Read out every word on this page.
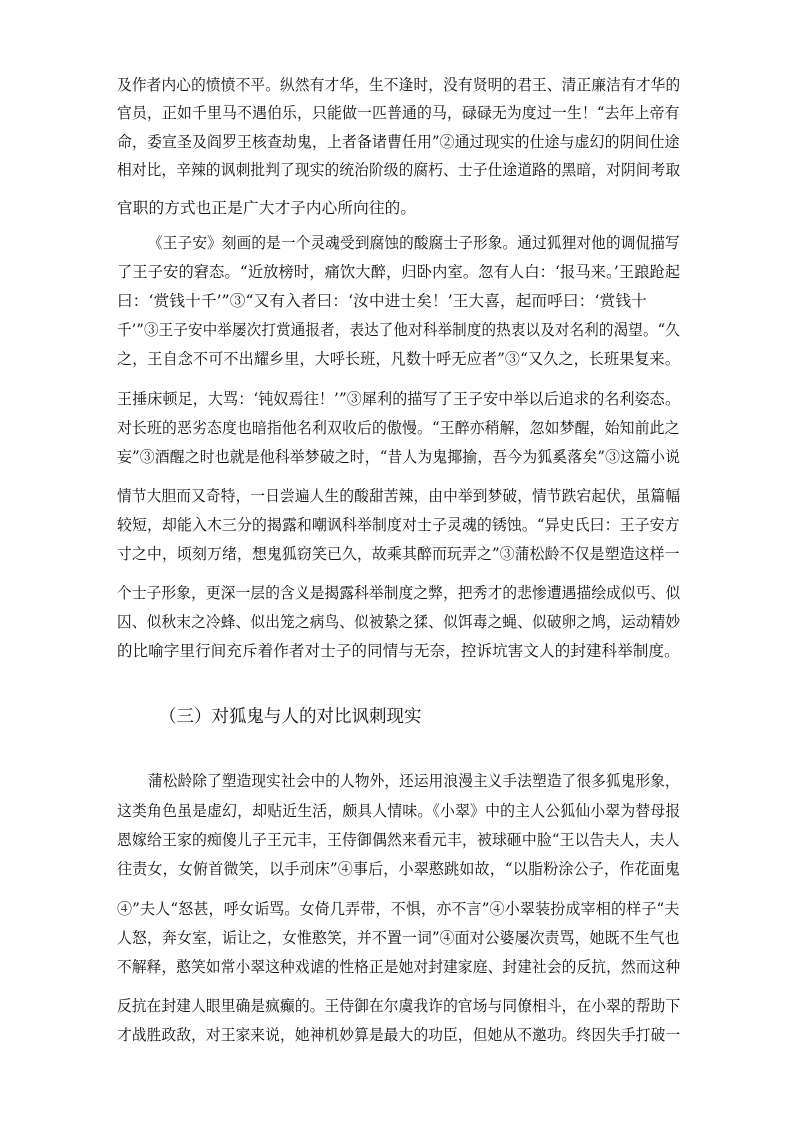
及作者内心的愤愤不平。纵然有才华，生不逢时，没有贤明的君王、清正廉洁有才华的
官员，正如千里马不遇伯乐，只能做一匹普通的马，碌碌无为度过一生！“去年上帝有
命，委宣圣及阎罗王核查劫鬼，上者备诸曹任用”②通过现实的仕途与虚幻的阴间仕途
相对比，辛辣的讽刺批判了现实的统治阶级的腐朽、士子仕途道路的黑暗，对阴间考取
官职的方式也正是广大才子内心所向往的。
《王子安》刻画的是一个灵魂受到腐蚀的酸腐士子形象。通过狐狸对他的调侃描写
了王子安的窘态。“近放榜时，痛饮大醉，归卧内室。忽有人白：‘报马来。’王踉跄起
曰：‘赏钱十千’”③“又有入者曰：‘汝中进士矣！’王大喜，起而呼曰：‘赏钱十
千’”③王子安中举屡次打赏通报者，表达了他对科举制度的热衷以及对名利的渴望。“久
之，王自念不可不出耀乡里，大呼长班，凡数十呼无应者”③“又久之，长班果复来。
王捶床顿足，大骂：‘钝奴焉往！’”③犀利的描写了王子安中举以后追求的名利姿态。
对长班的恶劣态度也暗指他名利双收后的傲慢。“王醉亦稍解，忽如梦醒，始知前此之
妄”③酒醒之时也就是他科举梦破之时，“昔人为鬼揶揄，吾今为狐奚落矣”③这篇小说
情节大胆而又奇特，一日尝遍人生的酸甜苦辣，由中举到梦破，情节跌宕起伏，虽篇幅
较短，却能入木三分的揭露和嘲讽科举制度对士子灵魂的锈蚀。“异史氏曰：王子安方
寸之中，顷刻万绪，想鬼狐窃笑已久，故乘其醉而玩弄之”③蒲松龄不仅是塑造这样一
个士子形象，更深一层的含义是揭露科举制度之弊，把秀才的悲惨遭遇描绘成似丐、似
囚、似秋末之冷蜂、似出笼之病鸟、似被絷之猱、似饵毒之蝇、似破卵之鸠，运动精妙
的比喻字里行间充斥着作者对士子的同情与无奈，控诉坑害文人的封建科举制度。
（三）对狐鬼与人的对比讽刺现实
蒲松龄除了塑造现实社会中的人物外，还运用浪漫主义手法塑造了很多狐鬼形象，
这类角色虽是虚幻，却贴近生活，颇具人情味。《小翠》中的主人公狐仙小翠为替母报
恩嫁给王家的痴傻儿子王元丰，王侍御偶然来看元丰，被球砸中脸“王以告夫人，夫人
往责女，女俯首微笑，以手刓床”④事后，小翠憨跳如故，“以脂粉涂公子，作花面鬼
④”夫人“怒甚，呼女诟骂。女倚几弄带，不惧，亦不言”④小翠装扮成宰相的样子“夫
人怒，奔女室，诟让之，女惟憨笑，并不置一词”④面对公婆屡次责骂，她既不生气也
不解释，憨笑如常小翠这种戏谑的性格正是她对封建家庭、封建社会的反抗，然而这种
反抗在封建人眼里确是疯癫的。王侍御在尔虞我诈的官场与同僚相斗，在小翠的帮助下
才战胜政敌，对王家来说，她神机妙算是最大的功臣，但她从不邀功。终因失手打破一
